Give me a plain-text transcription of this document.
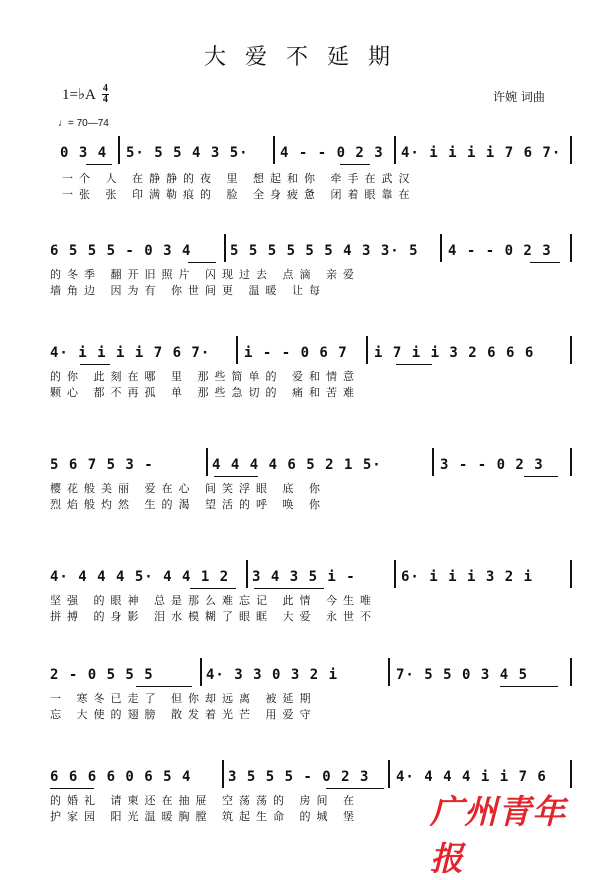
大 爱 不 延 期
1=♭A $\frac{4}{4}$	许婉 词曲
♩= 70—74
0 3 4 5· 5 5 4 3 5· 4 - - 0 2 3 4· i i i i 7 6 7·
一个 人 在静静的夜 里 想起和你 牵手在武汉
一张 张 印满勒痕的 脸 全身疲惫 闭着眼靠在
6 5 5 5 - 0 3 4	5 5 5 5 5 5 4 3 3· 5 4 - - 0 2 3
的冬季 翻开旧照片 闪现过去 点滴 亲爱
墙角边 因为有 你世间更 温暖 让每
4· i i i i 7 6 7· i - - 0 6 7 i 7 i i 3 2 6 6 6
的你 此刻在哪 里 那些简单的 爱和情意
颗心 都不再孤 单 那些急切的 痛和苦难
5 6 7 5 3 -	4 4 4 4 6 5 2 1 5·	3 - - 0 2 3
樱花般美丽 爱在心 间笑浮眼 底 你
烈焰般灼然 生的渴 望活的呼 唤 你
4· 4 4 4 5· 4 4 1 2 3 4 3 5 i -	6· i i i 3 2 i
坚强 的眼神 总是那么难忘记 此情 今生唯
拼搏 的身影 泪水模糊了眼眶 大爱 永世不
2 - 0 5 5 5	4· 3 3 0 3 2 i	7· 5 5 0 3 4 5
一 寒冬已走了 但你却远离 被延期
忘 大使的翅膀 散发着光芒 用爱守
6 6 6 6 0 6 5 4	3 5 5 5 - 0 2 3 4· 4 4 4 i i 7 6
的婚礼 请柬还在抽屉 空荡荡的 房间 在
护家园 阳光温暖胸膛 筑起生命 的城 堡 广州青年报
